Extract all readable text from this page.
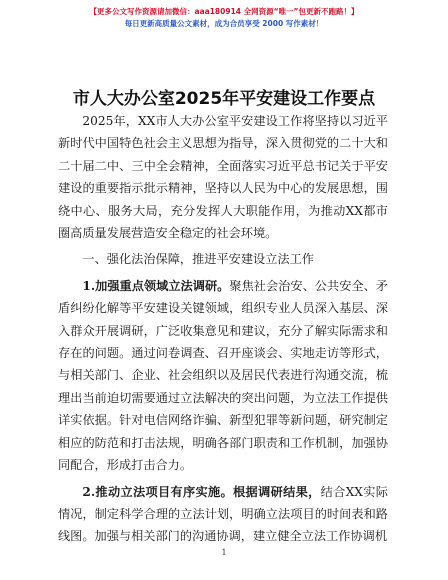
【更多公文写作资源请加微信：aaa180914 全网资源“唯一”包更新不跑路！】
每日更新高质量公文素材，成为合员享受 2000 写作素材！
市人大办公室2025年平安建设工作要点

2025年，XX市人大办公室平安建设工作将坚持以习近平新时代中国特色社会主义思想为指导，深入贯彻党的二十大和二十届二中、三中全会精神，全面落实习近平总书记关于平安建设的重要指示批示精神，坚持以人民为中心的发展思想，围绕中心、服务大局，充分发挥人大职能作用，为推动XX都市圈高质量发展营造安全稳定的社会环境。

一、强化法治保障，推进平安建设立法工作

1.加强重点领域立法调研。聚焦社会治安、公共安全、矛盾纠纷化解等平安建设关键领域，组织专业人员深入基层、深入群众开展调研，广泛收集意见和建议，充分了解实际需求和存在的问题。通过问卷调查、召开座谈会、实地走访等形式，与相关部门、企业、社会组织以及居民代表进行沟通交流，梳理出当前迫切需要通过立法解决的突出问题，为立法工作提供详实依据。针对电信网络诈骗、新型犯罪等新问题，研究制定相应的防范和打击法规，明确各部门职责和工作机制，加强协同配合，形成打击合力。

2.推动立法项目有序实施。根据调研结果，结合XX实际情况，制定科学合理的立法计划，明确立法项目的时间表和路线图。加强与相关部门的沟通协调，建立健全立法工作协调机

1
